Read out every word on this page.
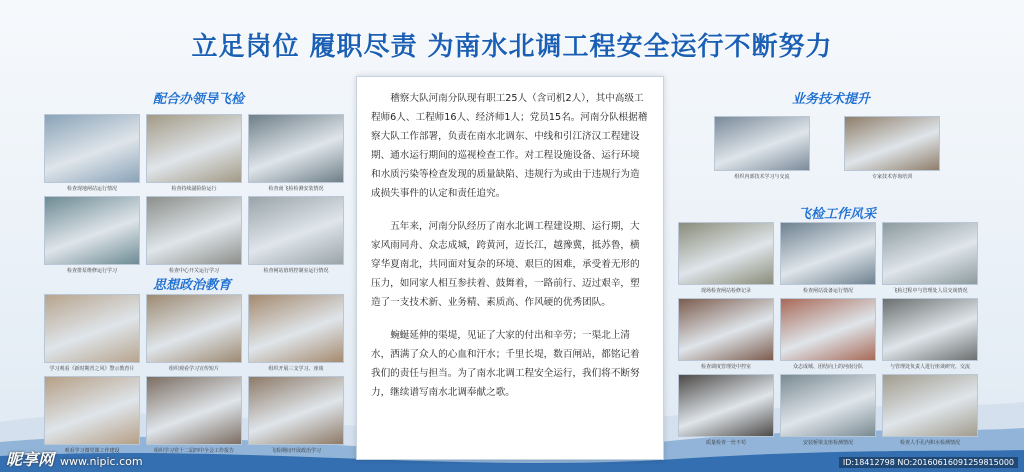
立足岗位 履职尽责 为南水北调工程安全运行不断努力
配合办领导飞检
检查现地闸站运行情况	检查持续副险险运行	检查南飞检检测安装情况
检查排泵维修运行学习	检查中心开关运行学习	检查闸站值班控制室运行情况
思想政治教育
学习观看《新时期青之风》警示教育片	组织观看学习宣传短片	组织开展三支学习、座谈
观看学习微党课工作建设	组织学习党十二届四中全会工作报告	飞检期间开展政治学习

稽察大队河南分队现有职工25人（含司机2人），其中高级工程师6人、工程师16人、经济师1人；党员15名。河南分队根据稽察大队工作部署，负责在南水北调东、中线和引江济汉工程建设期、通水运行期间的巡视检查工作。对工程设施设备、运行环境和水质污染等检查发现的质量缺陷、违规行为或由于违规行为造成损失事件的认定和责任追究。

五年来，河南分队经历了南水北调工程建设期、运行期，大家风雨同舟、众志成城，跨黄河，迈长江，越豫冀，抵苏鲁，横穿华夏南北，共同面对复杂的环境、艰巨的困难，承受着无形的压力，如同家人相互参扶着、鼓舞着，一路前行、迈过艰辛，塑造了一支技术新、业务精、素质高、作风硬的优秀团队。

蜿蜒延伸的渠堤，见证了大家的付出和辛劳；一渠北上清水，洒满了众人的心血和汗水；千里长堤，数百闸站，都铭记着我们的责任与担当。为了南水北调工程安全运行，我们将不断努力，继续谱写南水北调奉献之歌。

业务技术提升
组织内部技术学习与交流	专家技术咨询培训
飞检工作风采
现场检查闸站检修记录	检查闸站设备运行情况	飞检过程中与管理处人员交谈情况
检查调度管理处中控室	众志成城、团结向上的河南分队	与管理处负责人进行座谈研究、交流
质量检查一丝不苟	安装桥梁支座检测情况	检查人手孔内积水检测情况
昵享网 www.nipic.com	ID:18412798 NO:20160616091259815000
